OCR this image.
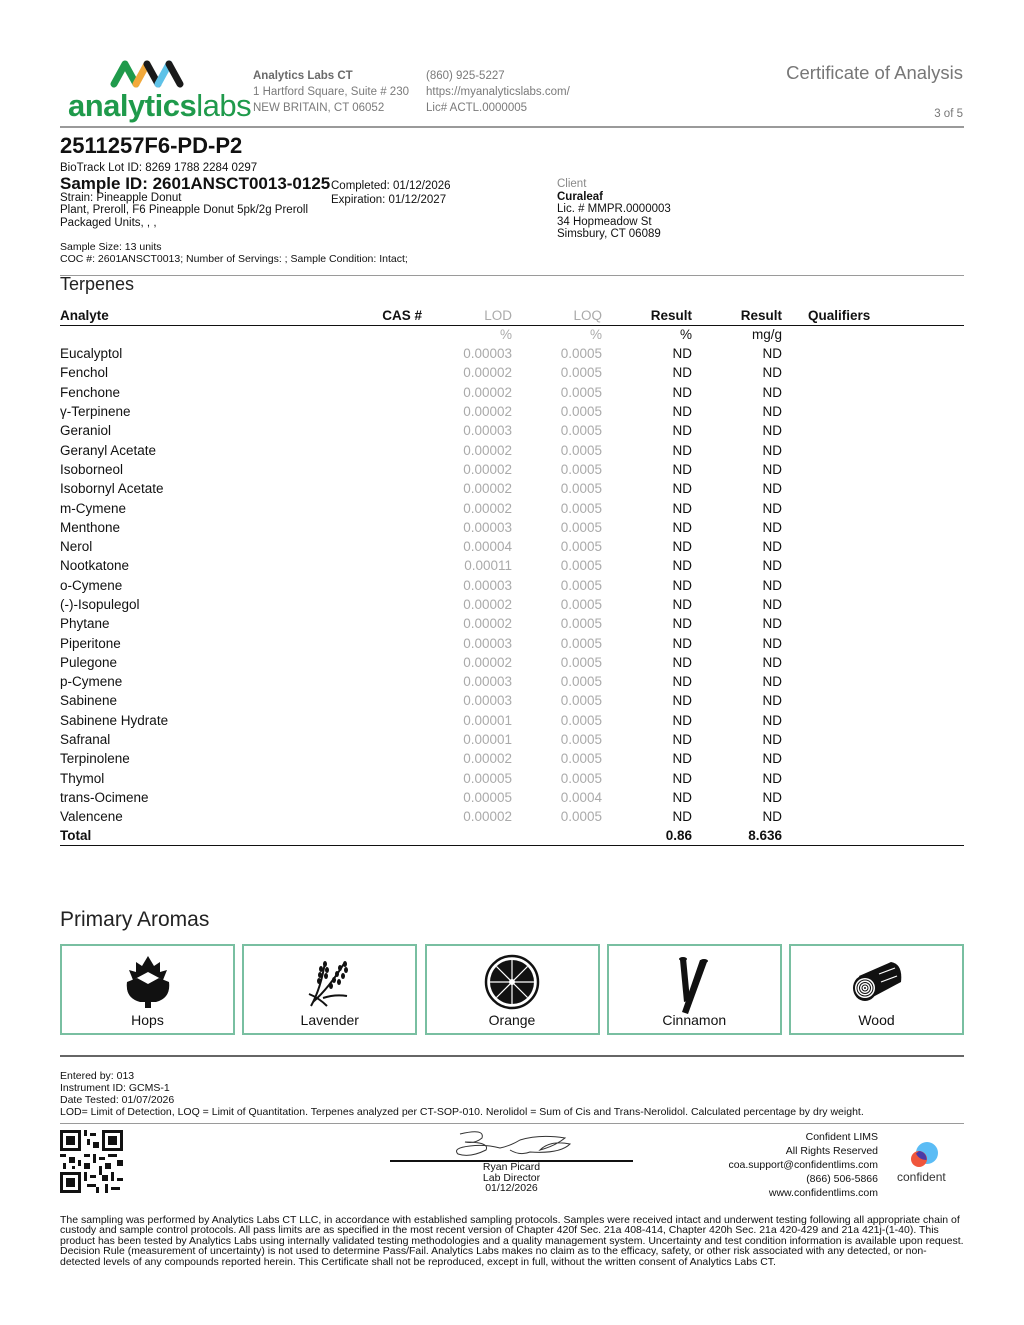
analyticslabs
Analytics Labs CT
1 Hartford Square, Suite # 230
NEW BRITAIN, CT 06052
(860) 925-5227
https://myanalyticslabs.com/
Lic# ACTL.0000005
Certificate of Analysis
3 of 5
2511257F6-PD-P2
BioTrack Lot ID: 8269 1788 2284 0297
Sample ID: 2601ANSCT0013-0125
Strain: Pineapple Donut
Plant, Preroll, F6 Pineapple Donut 5pk/2g Preroll
Packaged Units, , ,
Completed: 01/12/2026
Expiration: 01/12/2027
Client
Curaleaf
Lic. # MMPR.0000003
34 Hopmeadow St
Simsbury, CT 06089
Sample Size: 13 units
COC #: 2601ANSCT0013; Number of Servings: ; Sample Condition: Intact;
Terpenes
Analyte	CAS #	LOD	LOQ	Result	Result	Qualifiers
		%	%	%	mg/g	
Eucalyptol		0.00003	0.0005	ND	ND	
Fenchol		0.00002	0.0005	ND	ND	
Fenchone		0.00002	0.0005	ND	ND	
γ-Terpinene		0.00002	0.0005	ND	ND	
Geraniol		0.00003	0.0005	ND	ND	
Geranyl Acetate		0.00002	0.0005	ND	ND	
Isoborneol		0.00002	0.0005	ND	ND	
Isobornyl Acetate		0.00002	0.0005	ND	ND	
m-Cymene		0.00002	0.0005	ND	ND	
Menthone		0.00003	0.0005	ND	ND	
Nerol		0.00004	0.0005	ND	ND	
Nootkatone		0.00011	0.0005	ND	ND	
o-Cymene		0.00003	0.0005	ND	ND	
(-)-Isopulegol		0.00002	0.0005	ND	ND	
Phytane		0.00002	0.0005	ND	ND	
Piperitone		0.00003	0.0005	ND	ND	
Pulegone		0.00002	0.0005	ND	ND	
p-Cymene		0.00003	0.0005	ND	ND	
Sabinene		0.00003	0.0005	ND	ND	
Sabinene Hydrate		0.00001	0.0005	ND	ND	
Safranal		0.00001	0.0005	ND	ND	
Terpinolene		0.00002	0.0005	ND	ND	
Thymol		0.00005	0.0005	ND	ND	
trans-Ocimene		0.00005	0.0004	ND	ND	
Valencene		0.00002	0.0005	ND	ND	
Total				0.86	8.636	
Primary Aromas
Hops	Lavender	Orange	Cinnamon	Wood
Entered by: 013
Instrument ID: GCMS-1
Date Tested: 01/07/2026
LOD= Limit of Detection, LOQ = Limit of Quantitation. Terpenes analyzed per CT-SOP-010. Nerolidol = Sum of Cis and Trans-Nerolidol. Calculated percentage by dry weight.
Ryan Picard
Lab Director
01/12/2026
Confident LIMS
All Rights Reserved
coa.support@confidentlims.com
(866) 506-5866
www.confidentlims.com
confident
The sampling was performed by Analytics Labs CT LLC, in accordance with established sampling protocols. Samples were received intact and underwent testing following all appropriate chain of custody and sample control protocols. All pass limits are as specified in the most recent version of Chapter 420f Sec. 21a 408-414, Chapter 420h Sec. 21a 420-429 and 21a 421j-(1-40). This product has been tested by Analytics Labs using internally validated testing methodologies and a quality management system. Uncertainty and test condition information is available upon request. Decision Rule (measurement of uncertainty) is not used to determine Pass/Fail. Analytics Labs makes no claim as to the efficacy, safety, or other risk associated with any detected, or non-detected levels of any compounds reported herein. This Certificate shall not be reproduced, except in full, without the written consent of Analytics Labs CT.
